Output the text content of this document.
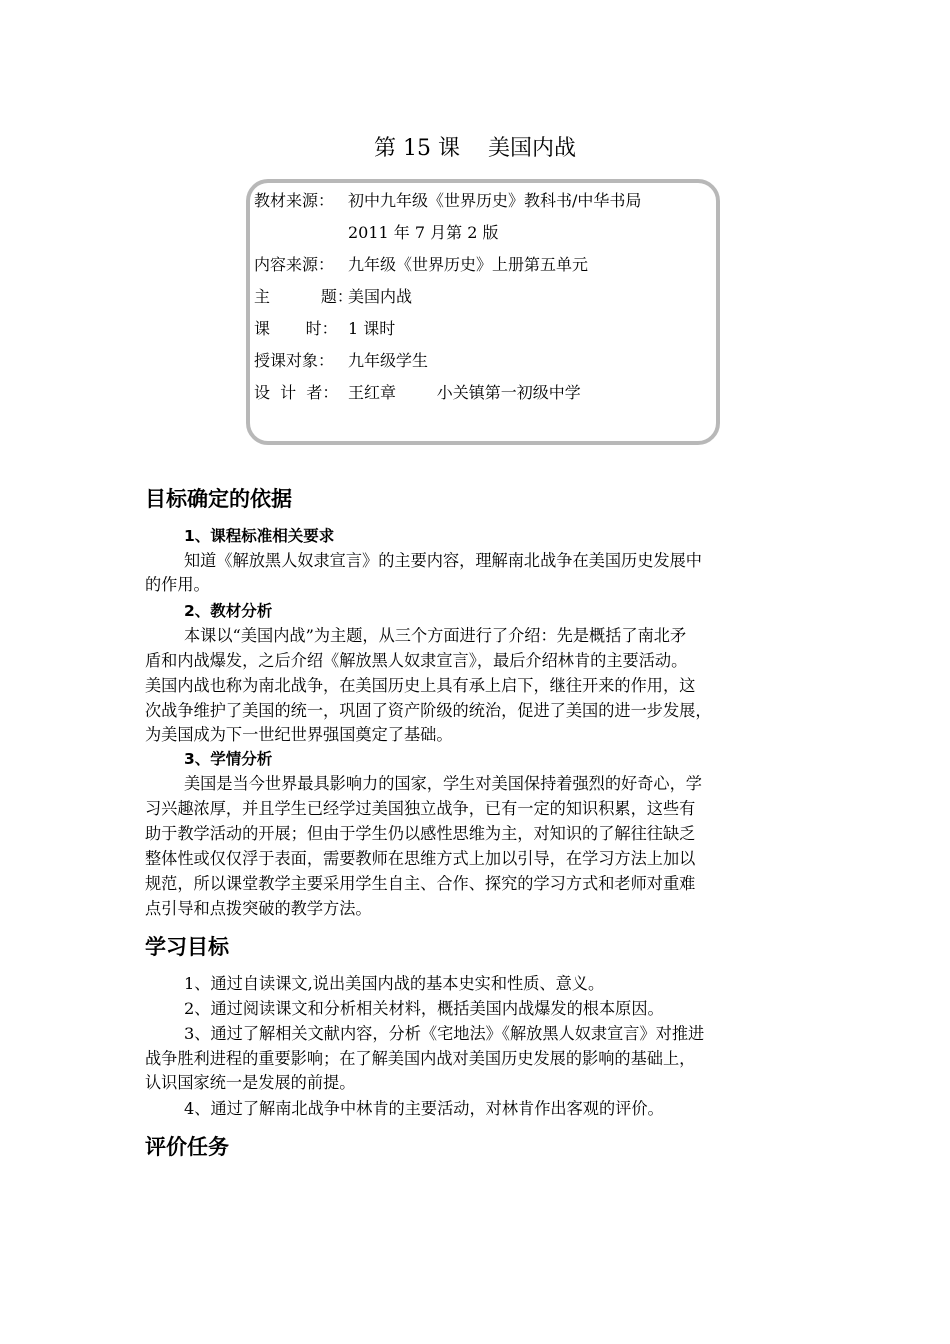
第 15 课    美国内战
教材来源： 初中九年级《世界历史》教科书/中华书局
2011 年 7 月第 2 版
内容来源： 九年级《世界历史》上册第五单元
主          题：美国内战
课       时： 1 课时
授课对象： 九年级学生
设  计  者： 王红章        小关镇第一初级中学
目标确定的依据
1、课程标准相关要求
知道《解放黑人奴隶宣言》的主要内容，理解南北战争在美国历史发展中
的作用。
2、教材分析
本课以“美国内战”为主题，从三个方面进行了介绍：先是概括了南北矛
盾和内战爆发，之后介绍《解放黑人奴隶宣言》，最后介绍林肯的主要活动。
美国内战也称为南北战争，在美国历史上具有承上启下，继往开来的作用，这
次战争维护了美国的统一，巩固了资产阶级的统治，促进了美国的进一步发展，
为美国成为下一世纪世界强国奠定了基础。
3、学情分析
美国是当今世界最具影响力的国家，学生对美国保持着强烈的好奇心，学
习兴趣浓厚，并且学生已经学过美国独立战争，已有一定的知识积累，这些有
助于教学活动的开展；但由于学生仍以感性思维为主，对知识的了解往往缺乏
整体性或仅仅浮于表面，需要教师在思维方式上加以引导，在学习方法上加以
规范，所以课堂教学主要采用学生自主、合作、探究的学习方式和老师对重难
点引导和点拨突破的教学方法。
学习目标
1、通过自读课文,说出美国内战的基本史实和性质、意义。
2、通过阅读课文和分析相关材料，概括美国内战爆发的根本原因。
3、通过了解相关文献内容，分析《宅地法》《解放黑人奴隶宣言》对推进
战争胜利进程的重要影响；在了解美国内战对美国历史发展的影响的基础上，
认识国家统一是发展的前提。
4、通过了解南北战争中林肯的主要活动，对林肯作出客观的评价。
评价任务
